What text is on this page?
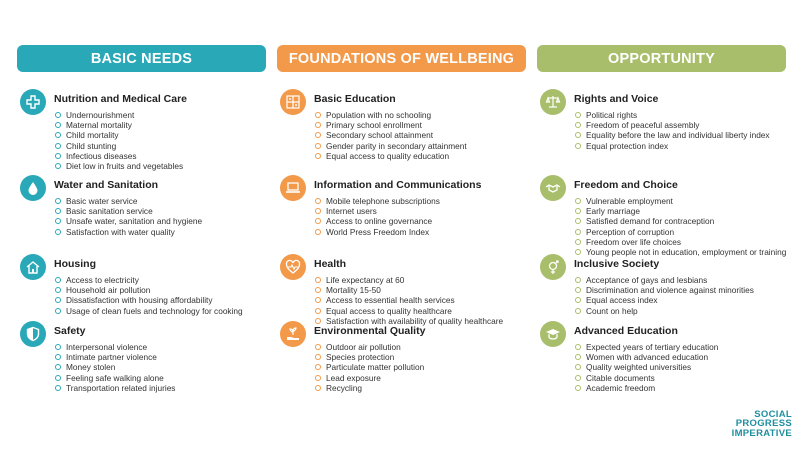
BASIC NEEDS
Nutrition and Medical Care
Undernourishment
Maternal mortality
Child mortality
Child stunting
Infectious diseases
Diet low in fruits and vegetables
Water and Sanitation
Basic water service
Basic sanitation service
Unsafe water, sanitation and hygiene
Satisfaction with water quality
Housing
Access to electricity
Household air pollution
Dissatisfaction with housing affordability
Usage of clean fuels and technology for cooking
Safety
Interpersonal violence
Intimate partner violence
Money stolen
Feeling safe walking alone
Transportation related injuries
FOUNDATIONS OF WELLBEING
Basic Education
Population with no schooling
Primary school enrollment
Secondary school attainment
Gender parity in secondary attainment
Equal access to quality education
Information and Communications
Mobile telephone subscriptions
Internet users
Access to online governance
World Press Freedom Index
Health
Life expectancy at 60
Mortality 15-50
Access to essential health services
Equal access to quality healthcare
Satisfaction with availability of quality healthcare
Environmental Quality
Outdoor air pollution
Species protection
Particulate matter pollution
Lead exposure
Recycling
OPPORTUNITY
Rights and Voice
Political rights
Freedom of peaceful assembly
Equality before the law and individual liberty index
Equal protection index
Freedom and Choice
Vulnerable employment
Early marriage
Satisfied demand for contraception
Perception of corruption
Freedom over life choices
Young people not in education, employment or training
Inclusive Society
Acceptance of gays and lesbians
Discrimination and violence against minorities
Equal access index
Count on help
Advanced Education
Expected years of tertiary education
Women with advanced education
Quality weighted universities
Citable documents
Academic freedom
SOCIAL
PROGRESS
IMPERATIVE
